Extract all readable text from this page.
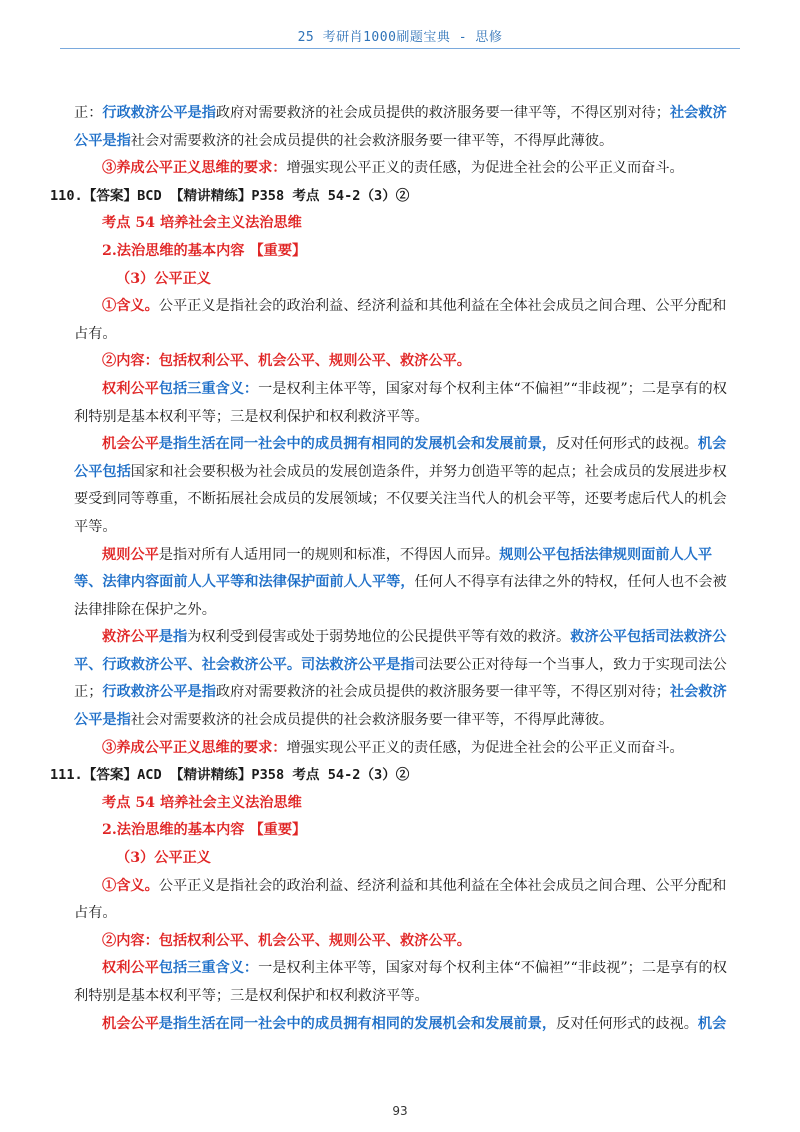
25 考研肖1000刷题宝典 - 思修

正：行政救济公平是指政府对需要救济的社会成员提供的救济服务要一律平等，不得区别对待；社会救济公平是指社会对需要救济的社会成员提供的社会救济服务要一律平等，不得厚此薄彼。

③养成公平正义思维的要求：增强实现公平正义的责任感，为促进全社会的公平正义而奋斗。

110.【答案】BCD 【精讲精练】P358 考点 54-2（3）②

考点 54 培养社会主义法治思维

2.法治思维的基本内容 【重要】

（3）公平正义

①含义。公平正义是指社会的政治利益、经济利益和其他利益在全体社会成员之间合理、公平分配和占有。

②内容：包括权利公平、机会公平、规则公平、救济公平。

权利公平包括三重含义：一是权利主体平等，国家对每个权利主体“不偏袒”“非歧视”；二是享有的权利特别是基本权利平等；三是权利保护和权利救济平等。

机会公平是指生活在同一社会中的成员拥有相同的发展机会和发展前景，反对任何形式的歧视。机会公平包括国家和社会要积极为社会成员的发展创造条件，并努力创造平等的起点；社会成员的发展进步权要受到同等尊重，不断拓展社会成员的发展领域；不仅要关注当代人的机会平等，还要考虑后代人的机会平等。

规则公平是指对所有人适用同一的规则和标准，不得因人而异。规则公平包括法律规则面前人人平等、法律内容面前人人平等和法律保护面前人人平等，任何人不得享有法律之外的特权，任何人也不会被法律排除在保护之外。

救济公平是指为权利受到侵害或处于弱势地位的公民提供平等有效的救济。救济公平包括司法救济公平、行政救济公平、社会救济公平。司法救济公平是指司法要公正对待每一个当事人，致力于实现司法公正；行政救济公平是指政府对需要救济的社会成员提供的救济服务要一律平等，不得区别对待；社会救济公平是指社会对需要救济的社会成员提供的社会救济服务要一律平等，不得厚此薄彼。

③养成公平正义思维的要求：增强实现公平正义的责任感，为促进全社会的公平正义而奋斗。

111.【答案】ACD 【精讲精练】P358 考点 54-2（3）②

考点 54 培养社会主义法治思维

2.法治思维的基本内容 【重要】

（3）公平正义

①含义。公平正义是指社会的政治利益、经济利益和其他利益在全体社会成员之间合理、公平分配和占有。

②内容：包括权利公平、机会公平、规则公平、救济公平。

权利公平包括三重含义：一是权利主体平等，国家对每个权利主体“不偏袒”“非歧视”；二是享有的权利特别是基本权利平等；三是权利保护和权利救济平等。

机会公平是指生活在同一社会中的成员拥有相同的发展机会和发展前景，反对任何形式的歧视。机会

93
